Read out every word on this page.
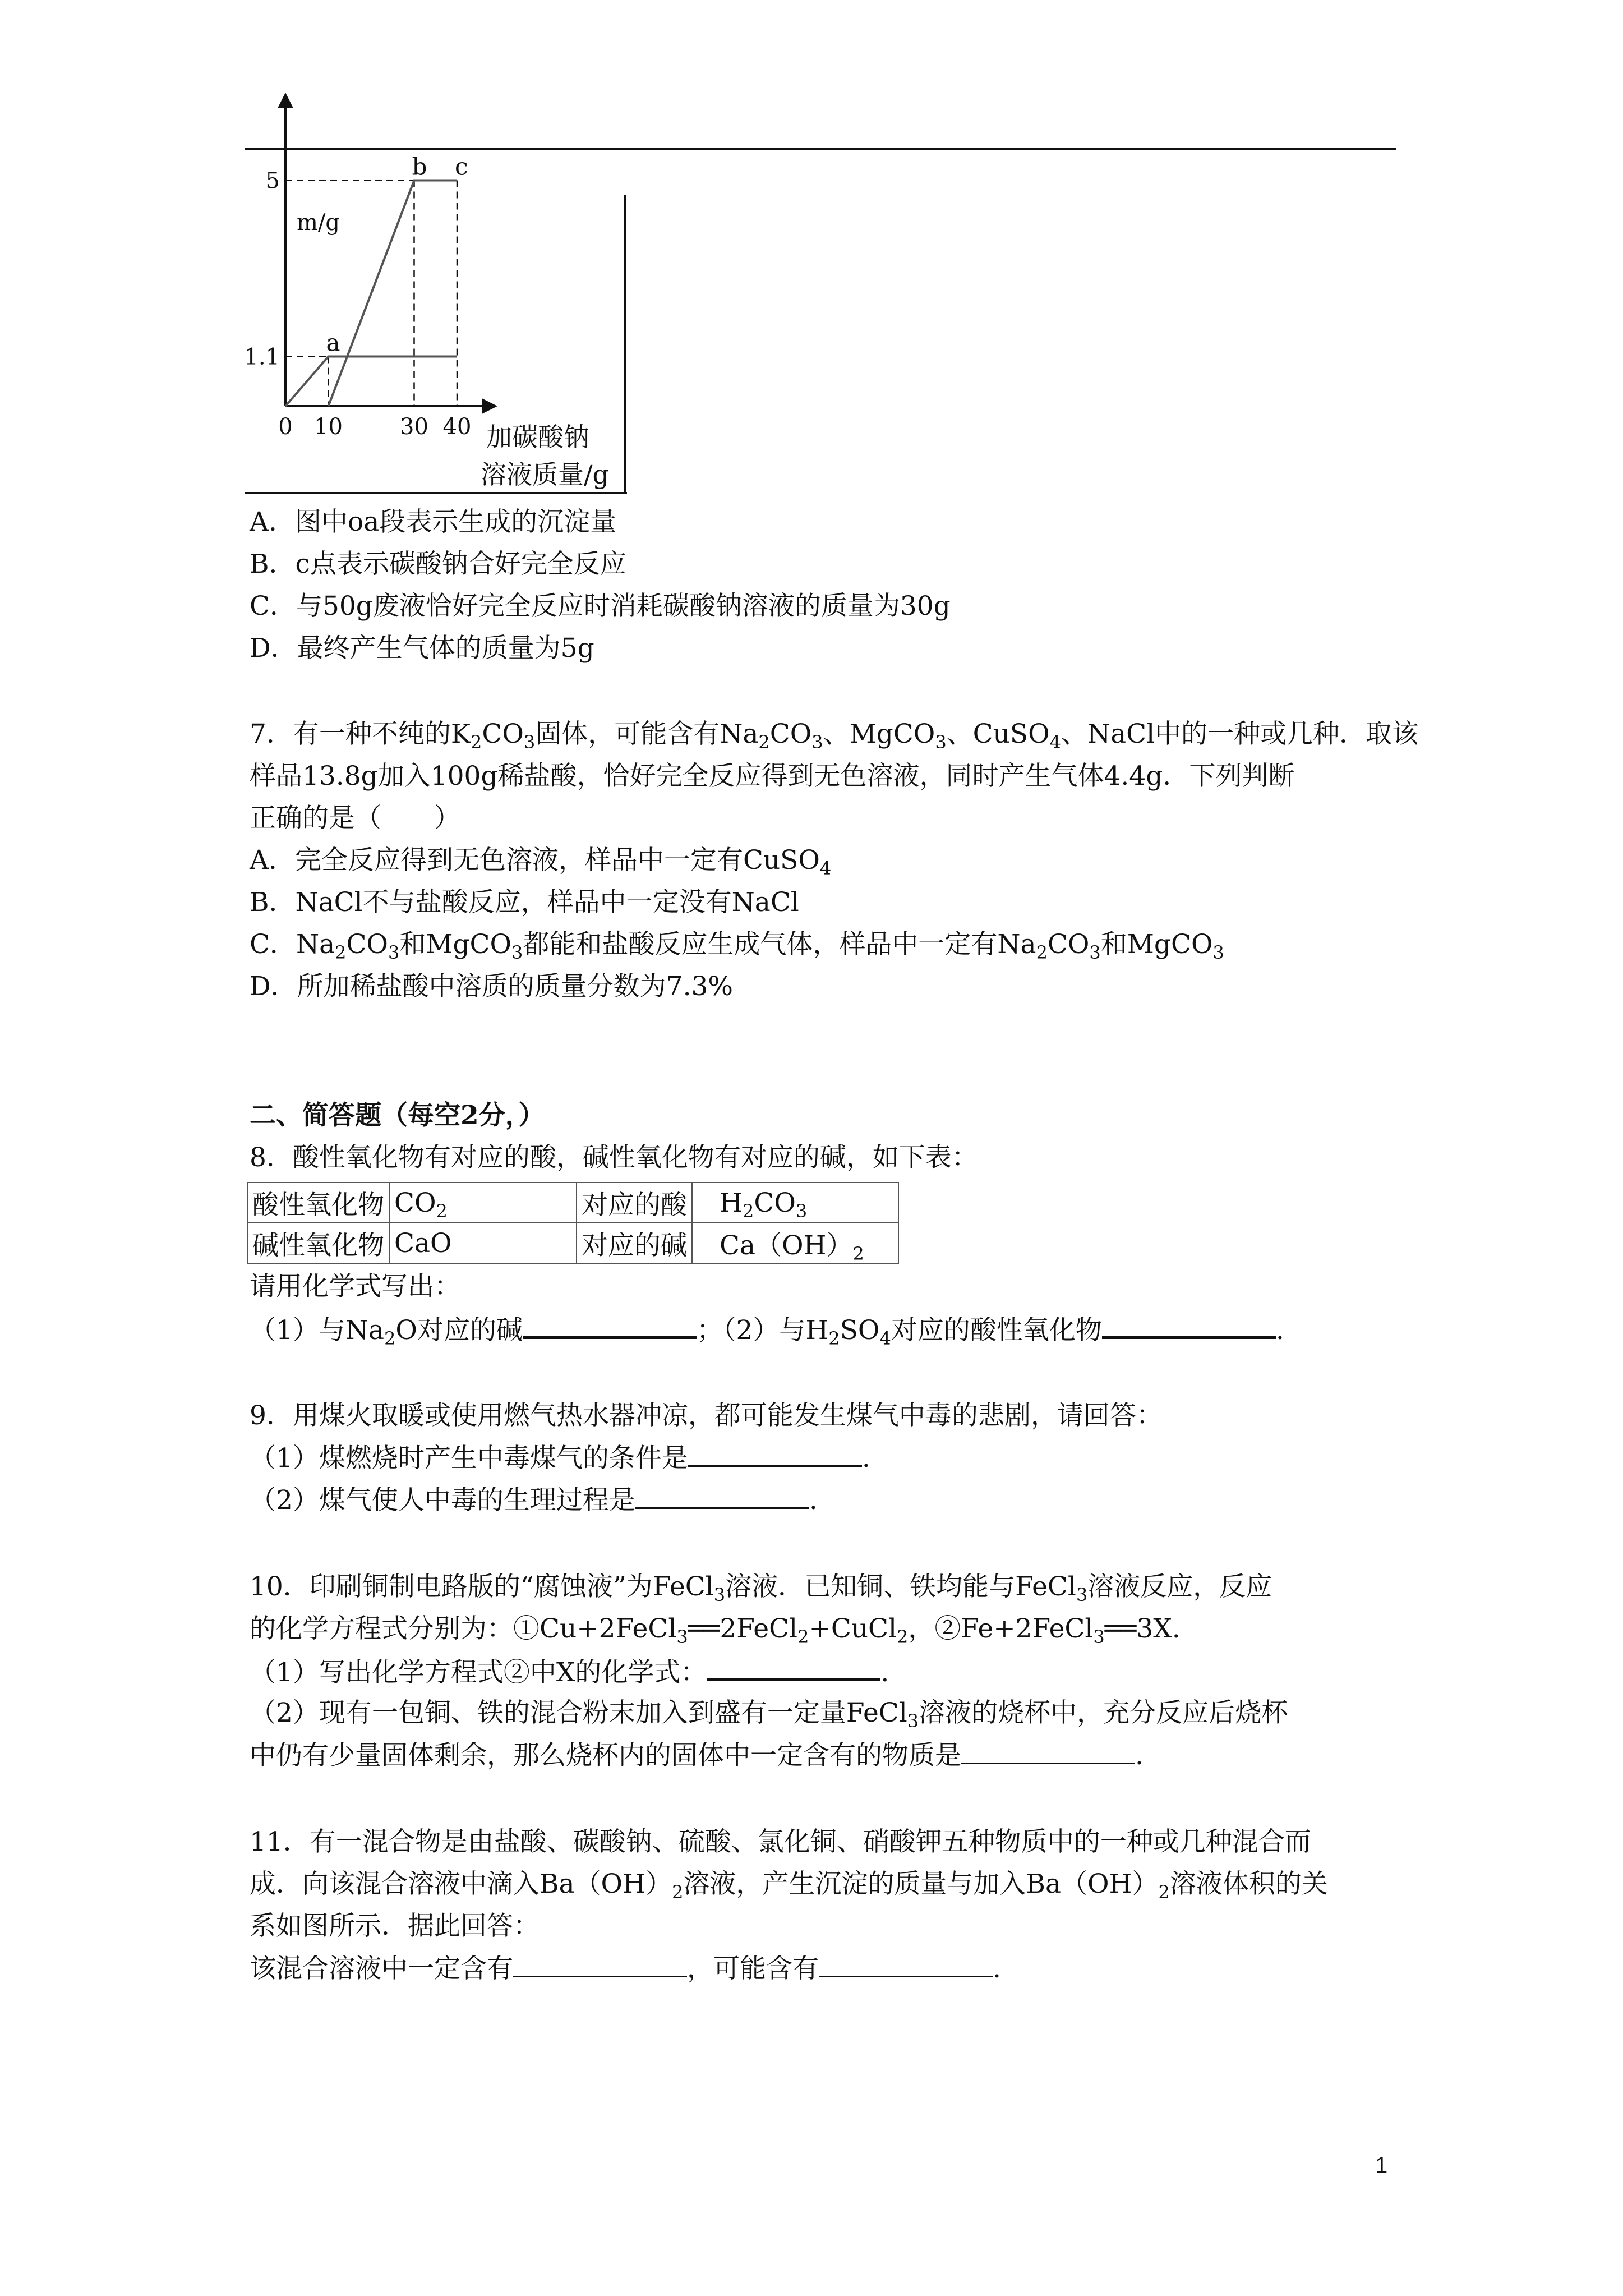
a
b c
1.1
5
0 10	30 40
m/g
加碳酸钠
溶液质量/g
A．图中oa段表示生成的沉淀量
B．c点表示碳酸钠合好完全反应
C．与50g废液恰好完全反应时消耗碳酸钠溶液的质量为30g
D．最终产生气体的质量为5g
7．有一种不纯的$K_2CO_3$固体，可能含有$Na_2CO_3$、MgCO$_3$、CuSO$_4$、NaCl中的一种或几种．取该
样品13.8g加入100g稀盐酸，恰好完全反应得到无色溶液，同时产生气体4.4g．下列判断
正确的是（　　）
A．完全反应得到无色溶液，样品中一定有CuSO$_4$
B．NaCl不与盐酸反应，样品中一定没有NaCl
C．$Na_2CO_3$和MgCO$_3$都能和盐酸反应生成气体，样品中一定有$Na_2CO_3$和MgCO$_3$
D．所加稀盐酸中溶质的质量分数为7.3%
二、简答题（每空2分，）
8．酸性氧化物有对应的酸，碱性氧化物有对应的碱，如下表：
酸性氧化物	$CO_2$	对应的酸	$H_2CO_3$
碱性氧化物	CaO	对应的碱	$Ca(OH)_2$
请用化学式写出：
（1）与$Na_2O$对应的碱	；（2）与$H_2SO_4$对应的酸性氧化物	.
9．用煤火取暖或使用燃气热水器冲凉，都可能发生煤气中毒的悲剧，请回答：
（1）煤燃烧时产生中毒煤气的条件是	.
（2）煤气使人中毒的生理过程是	.
10．印刷铜制电路版的“腐蚀液”为FeCl$_3$溶液．已知铜、铁均能与FeCl$_3$溶液反应，反应
的化学方程式分别为：①Cu+2FeCl$_3$══2FeCl$_2$+CuCl$_2$，②Fe+2FeCl$_3$══3X.
（1）写出化学方程式②中X的化学式：	.
（2）现有一包铜、铁的混合粉末加入到盛有一定量FeCl$_3$溶液的烧杯中，充分反应后烧杯
中仍有少量固体剩余，那么烧杯内的固体中一定含有的物质是	.
11．有一混合物是由盐酸、碳酸钠、硫酸、氯化铜、硝酸钾五种物质中的一种或几种混合而
成．向该混合溶液中滴入$Ba(OH)_2$溶液，产生沉淀的质量与加入$Ba(OH)_2$溶液体积的关
系如图所示．据此回答：
该混合溶液中一定含有	，可能含有	.
1
